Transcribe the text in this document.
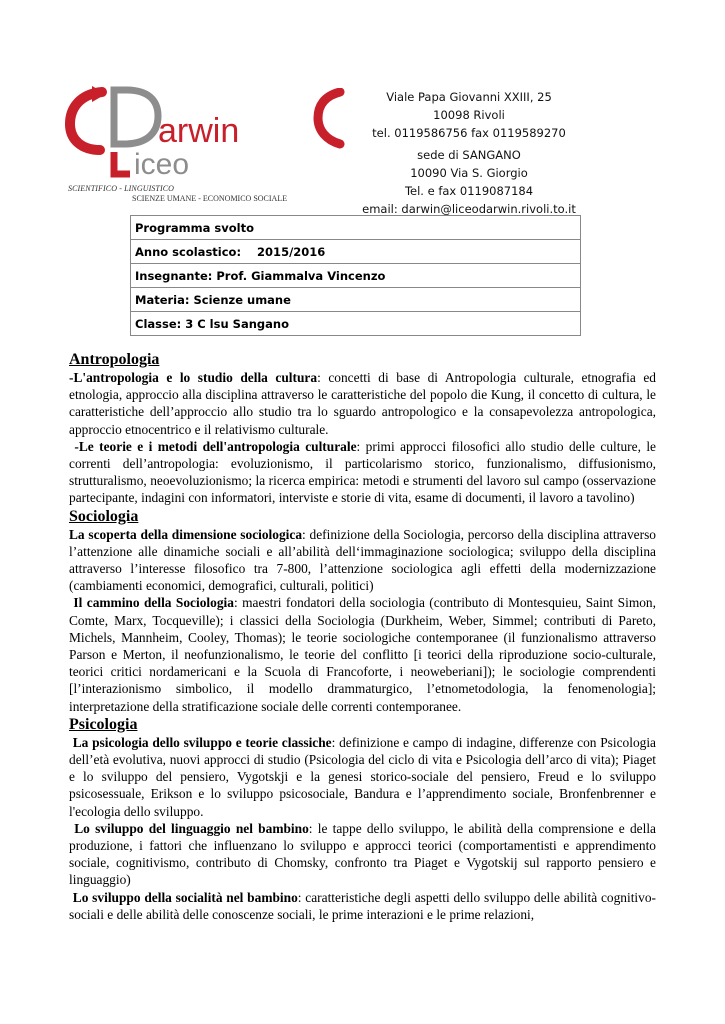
arwin
iceo
SCIENTIFICO - LINGUISTICO
SCIENZE UMANE - ECONOMICO SOCIALE
Viale Papa Giovanni XXIII, 25
10098 Rivoli
tel. 0119586756 fax 0119589270
sede di SANGANO
10090 Via S. Giorgio
Tel. e fax 0119087184
email: darwin@liceodarwin.rivoli.to.it
Programma svolto
Anno scolastico:    2015/2016
Insegnante: Prof. Giammalva Vincenzo
Materia: Scienze umane
Classe: 3 C lsu Sangano
Antropologia

-L'antropologia e lo studio della cultura: concetti di base di Antropologia culturale, etnografia ed etnologia, approccio alla disciplina attraverso le caratteristiche del popolo die Kung, il concetto di cultura, le caratteristiche dell’approccio allo studio tra lo sguardo antropologico e la consapevolezza antropologica, approccio etnocentrico e il relativismo culturale.

-Le teorie e i metodi dell'antropologia culturale: primi approcci filosofici allo studio delle culture, le correnti dell’antropologia: evoluzionismo, il particolarismo storico, funzionalismo, diffusionismo, strutturalismo, neoevoluzionismo; la ricerca empirica: metodi e strumenti del lavoro sul campo (osservazione partecipante, indagini con informatori, interviste e storie di vita, esame di documenti, il lavoro a tavolino)

Sociologia

La scoperta della dimensione sociologica: definizione della Sociologia, percorso della disciplina attraverso l’attenzione alle dinamiche sociali e all’abilità dell‘immaginazione sociologica; sviluppo della disciplina attraverso l’interesse filosofico tra 7-800, l’attenzione sociologica agli effetti della modernizzazione (cambiamenti economici, demografici, culturali, politici)

Il cammino della Sociologia: maestri fondatori della sociologia (contributo di Montesquieu, Saint Simon, Comte, Marx, Tocqueville); i classici della Sociologia (Durkheim, Weber, Simmel; contributi di Pareto, Michels, Mannheim, Cooley, Thomas); le teorie sociologiche contemporanee (il funzionalismo attraverso Parson e Merton, il neofunzionalismo, le teorie del conflitto [i teorici della riproduzione socio-culturale, teorici critici nordamericani e la Scuola di Francoforte, i neoweberiani]); le sociologie comprendenti [l’interazionismo simbolico, il modello drammaturgico, l’etnometodologia, la fenomenologia]; interpretazione della stratificazione sociale delle correnti contemporanee.

Psicologia

La psicologia dello sviluppo e teorie classiche: definizione e campo di indagine, differenze con Psicologia dell’età evolutiva, nuovi approcci di studio (Psicologia del ciclo di vita e Psicologia dell’arco di vita); Piaget e lo sviluppo del pensiero, Vygotskji e la genesi storico-sociale del pensiero, Freud e lo sviluppo psicosessuale, Erikson e lo sviluppo psicosociale, Bandura e l’apprendimento sociale, Bronfenbrenner e l'ecologia dello sviluppo.

Lo sviluppo del linguaggio nel bambino: le tappe dello sviluppo, le abilità della comprensione e della produzione, i fattori che influenzano lo sviluppo e approcci teorici (comportamentisti e apprendimento sociale, cognitivismo, contributo di Chomsky, confronto tra Piaget e Vygotskij sul rapporto pensiero e linguaggio)

Lo sviluppo della socialità nel bambino: caratteristiche degli aspetti dello sviluppo delle abilità cognitivo-sociali e delle abilità delle conoscenze sociali, le prime interazioni e le prime relazioni,
